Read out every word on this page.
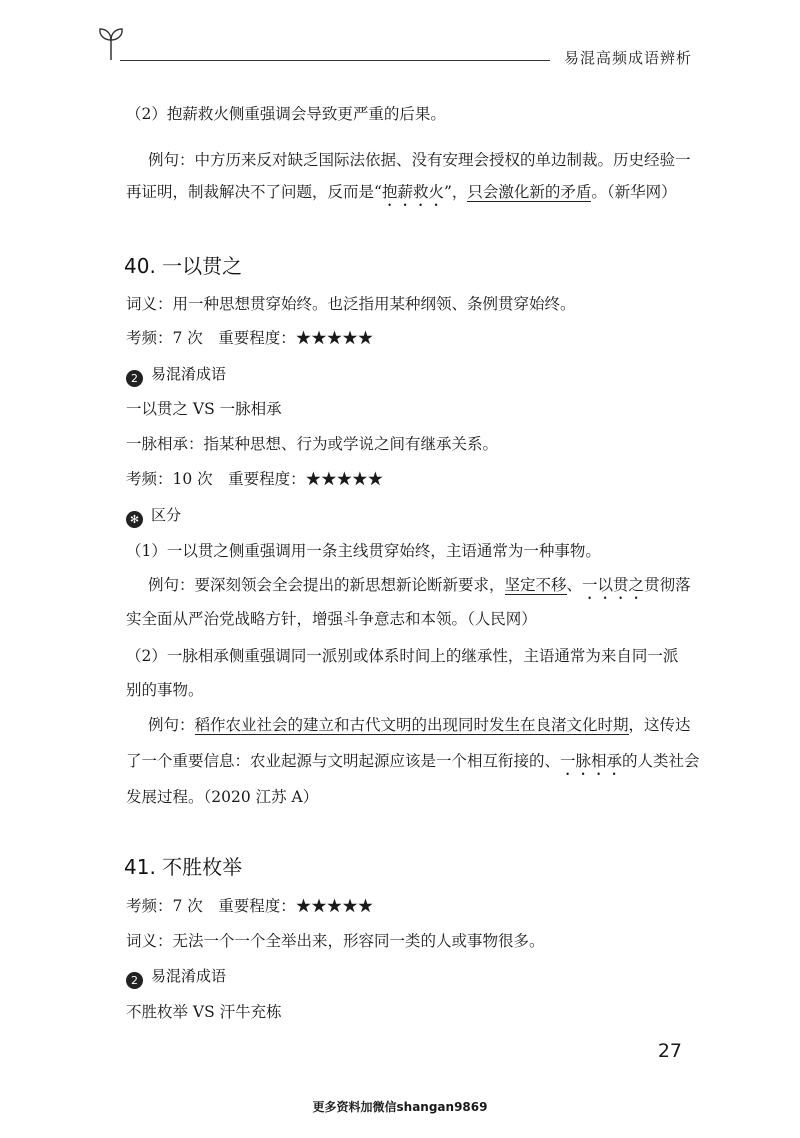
易混高频成语辨析
（2）抱薪救火侧重强调会导致更严重的后果。
例句：中方历来反对缺乏国际法依据、没有安理会授权的单边制裁。历史经验一
再证明，制裁解决不了问题，反而是“抱薪救火”，只会激化新的矛盾。（新华网）
40. 一以贯之
词义：用一种思想贯穿始终。也泛指用某种纲领、条例贯穿始终。
考频：7 次　重要程度：★★★★★
2 易混淆成语
一以贯之 VS 一脉相承
一脉相承：指某种思想、行为或学说之间有继承关系。
考频：10 次　重要程度：★★★★★
✻ 区分
（1）一以贯之侧重强调用一条主线贯穿始终，主语通常为一种事物。
例句：要深刻领会全会提出的新思想新论断新要求，坚定不移、一以贯之贯彻落
实全面从严治党战略方针，增强斗争意志和本领。（人民网）
（2）一脉相承侧重强调同一派别或体系时间上的继承性，主语通常为来自同一派
别的事物。
例句：稻作农业社会的建立和古代文明的出现同时发生在良渚文化时期，这传达
了一个重要信息：农业起源与文明起源应该是一个相互衔接的、一脉相承的人类社会
发展过程。（2020 江苏 A）
41. 不胜枚举
考频：7 次　重要程度：★★★★★
词义：无法一个一个全举出来，形容同一类的人或事物很多。
2 易混淆成语
不胜枚举 VS 汗牛充栋
27
更多资料加微信shangan9869
